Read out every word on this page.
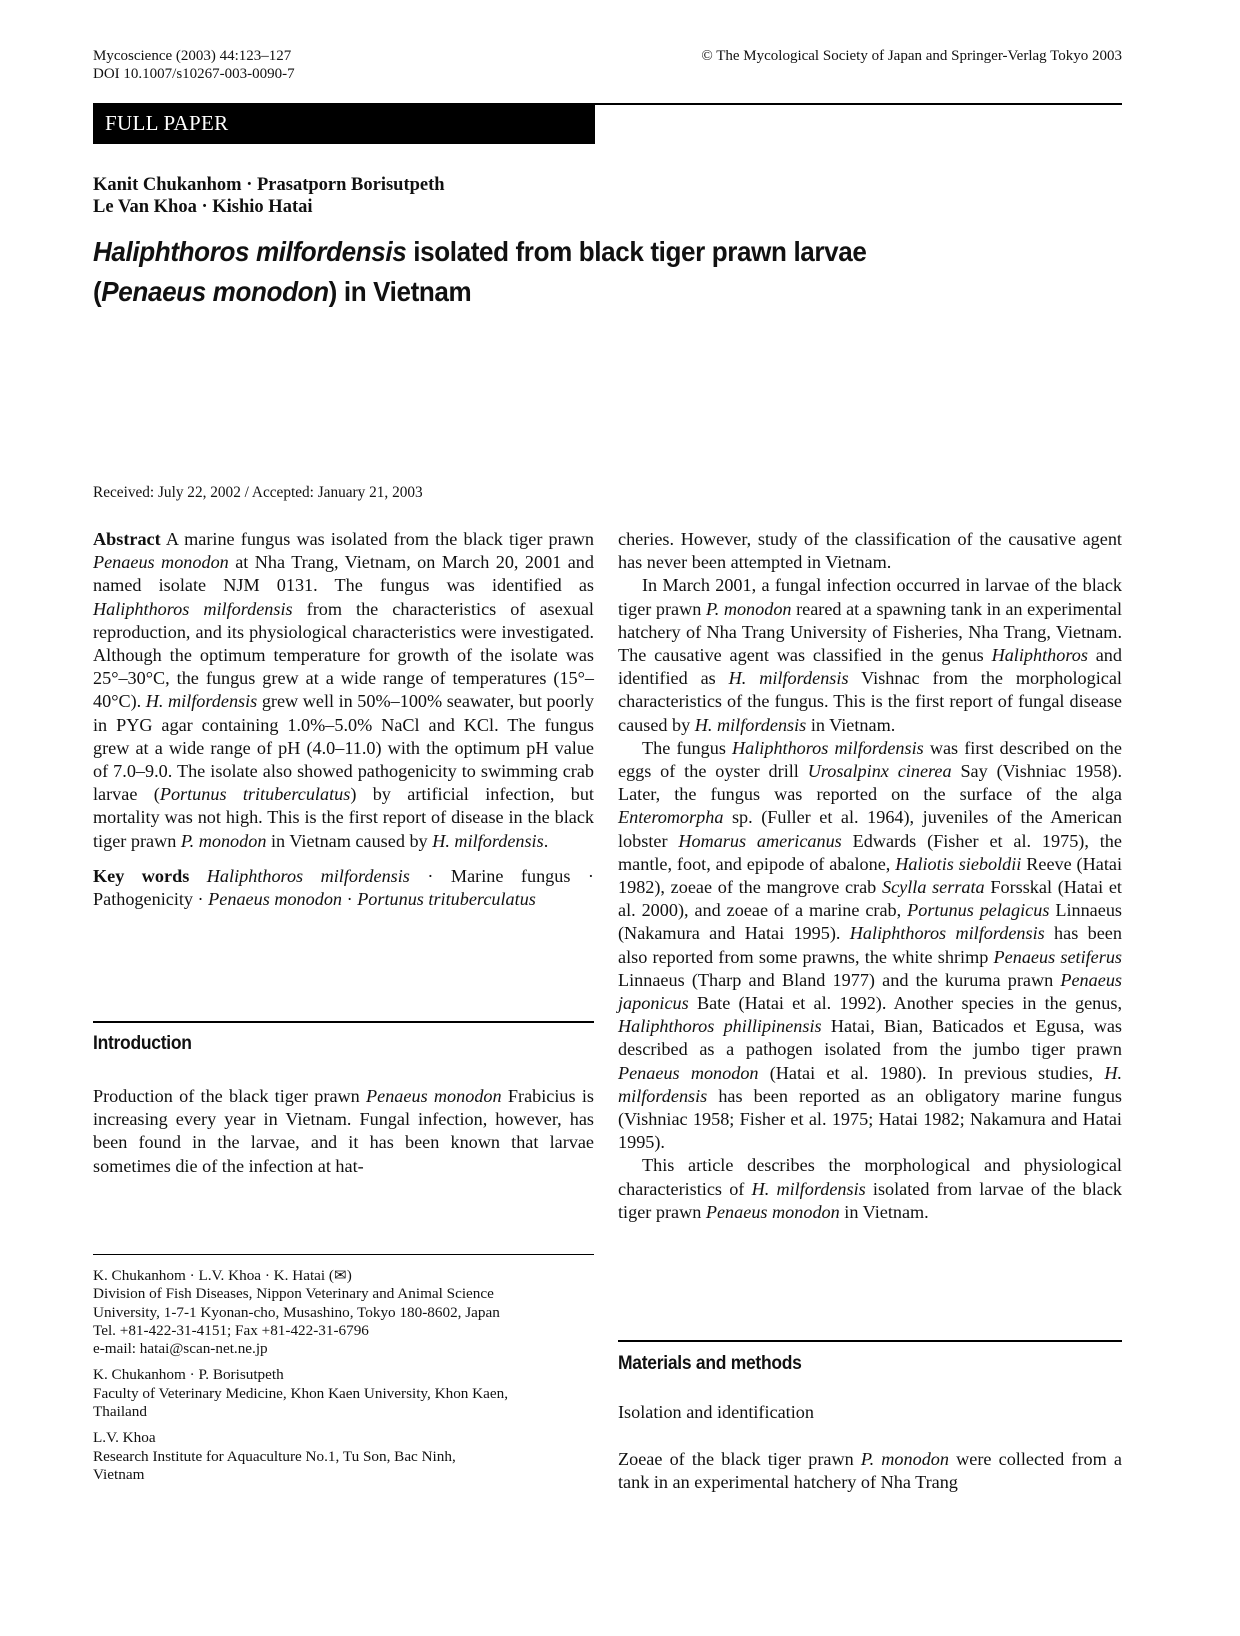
Mycoscience (2003) 44:123–127
DOI 10.1007/s10267-003-0090-7
© The Mycological Society of Japan and Springer-Verlag Tokyo 2003
FULL PAPER
Kanit Chukanhom · Prasatporn Borisutpeth
Le Van Khoa · Kishio Hatai
Haliphthoros milfordensis isolated from black tiger prawn larvae
(Penaeus monodon) in Vietnam
Received: July 22, 2002 / Accepted: January 21, 2003

Abstract A marine fungus was isolated from the black tiger prawn Penaeus monodon at Nha Trang, Vietnam, on March 20, 2001 and named isolate NJM 0131. The fungus was identified as Haliphthoros milfordensis from the characteristics of asexual reproduction, and its physiological characteristics were investigated. Although the optimum temperature for growth of the isolate was 25°–30°C, the fungus grew at a wide range of temperatures (15°–40°C). H. milfordensis grew well in 50%–100% seawater, but poorly in PYG agar containing 1.0%–5.0% NaCl and KCl. The fungus grew at a wide range of pH (4.0–11.0) with the optimum pH value of 7.0–9.0. The isolate also showed pathogenicity to swimming crab larvae (Portunus trituberculatus) by artificial infection, but mortality was not high. This is the first report of disease in the black tiger prawn P. monodon in Vietnam caused by H. milfordensis.

Key words Haliphthoros milfordensis · Marine fungus · Pathogenicity · Penaeus monodon · Portunus trituberculatus

Introduction

Production of the black tiger prawn Penaeus monodon Frabicius is increasing every year in Vietnam. Fungal infection, however, has been found in the larvae, and it has been known that larvae sometimes die of the infection at hat-

K. Chukanhom · L.V. Khoa · K. Hatai (✉)
Division of Fish Diseases, Nippon Veterinary and Animal Science
University, 1-7-1 Kyonan-cho, Musashino, Tokyo 180-8602, Japan
Tel. +81-422-31-4151; Fax +81-422-31-6796
e-mail: hatai@scan-net.ne.jp

K. Chukanhom · P. Borisutpeth
Faculty of Veterinary Medicine, Khon Kaen University, Khon Kaen,
Thailand

L.V. Khoa
Research Institute for Aquaculture No.1, Tu Son, Bac Ninh,
Vietnam

cheries. However, study of the classification of the causative agent has never been attempted in Vietnam.

In March 2001, a fungal infection occurred in larvae of the black tiger prawn P. monodon reared at a spawning tank in an experimental hatchery of Nha Trang University of Fisheries, Nha Trang, Vietnam. The causative agent was classified in the genus Haliphthoros and identified as H. milfordensis Vishnac from the morphological characteristics of the fungus. This is the first report of fungal disease caused by H. milfordensis in Vietnam.

The fungus Haliphthoros milfordensis was first described on the eggs of the oyster drill Urosalpinx cinerea Say (Vishniac 1958). Later, the fungus was reported on the surface of the alga Enteromorpha sp. (Fuller et al. 1964), juveniles of the American lobster Homarus americanus Edwards (Fisher et al. 1975), the mantle, foot, and epipode of abalone, Haliotis sieboldii Reeve (Hatai 1982), zoeae of the mangrove crab Scylla serrata Forsskal (Hatai et al. 2000), and zoeae of a marine crab, Portunus pelagicus Linnaeus (Nakamura and Hatai 1995). Haliphthoros milfordensis has been also reported from some prawns, the white shrimp Penaeus setiferus Linnaeus (Tharp and Bland 1977) and the kuruma prawn Penaeus japonicus Bate (Hatai et al. 1992). Another species in the genus, Haliphthoros phillipinensis Hatai, Bian, Baticados et Egusa, was described as a pathogen isolated from the jumbo tiger prawn Penaeus monodon (Hatai et al. 1980). In previous studies, H. milfordensis has been reported as an obligatory marine fungus (Vishniac 1958; Fisher et al. 1975; Hatai 1982; Nakamura and Hatai 1995).

This article describes the morphological and physiological characteristics of H. milfordensis isolated from larvae of the black tiger prawn Penaeus monodon in Vietnam.

Materials and methods
Isolation and identification

Zoeae of the black tiger prawn P. monodon were collected from a tank in an experimental hatchery of Nha Trang
